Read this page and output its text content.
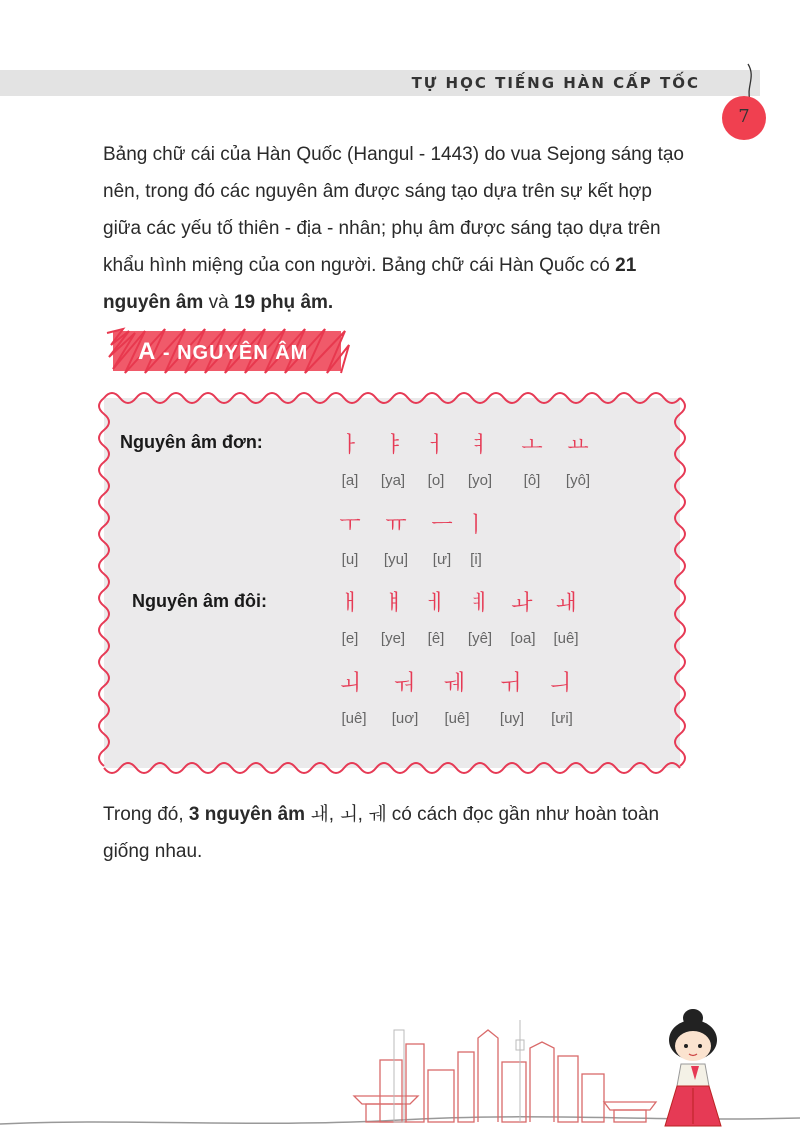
TỰ HỌC TIẾNG HÀN CẤP TỐC
7

Bảng chữ cái của Hàn Quốc (Hangul - 1443) do vua Sejong sáng tạo nên, trong đó các nguyên âm được sáng tạo dựa trên sự kết hợp giữa các yếu tố thiên - địa - nhân; phụ âm được sáng tạo dựa trên khẩu hình miệng của con người. Bảng chữ cái Hàn Quốc có 21 nguyên âm và 19 phụ âm.

A - NGUYÊN ÂM
Nguyên âm đơn:
Nguyên âm đôi:
ㅏ	ㅑ ㅓ	ㅕ	ㅗ	ㅛ
[a]	[ya]	[o]	[yo]	[ô]	[yô]
ㅜ	ㅠ	ㅡ ㅣ
[u]	[yu]	[ư]	[i]
ㅐ	ㅒ ㅔ	ㅖ ㅘ	ㅙ
[e]	[ye]	[ê]	[yê]	[oa]	[uê]
ㅚ	ㅝ	ㅞ	ㅟ	ㅢ
[uê]	[uơ]	[uê]	[uy]	[ưi]

Trong đó, 3 nguyên âm ㅙ, ㅚ, ㅞ có cách đọc gần như hoàn toàn giống nhau.
